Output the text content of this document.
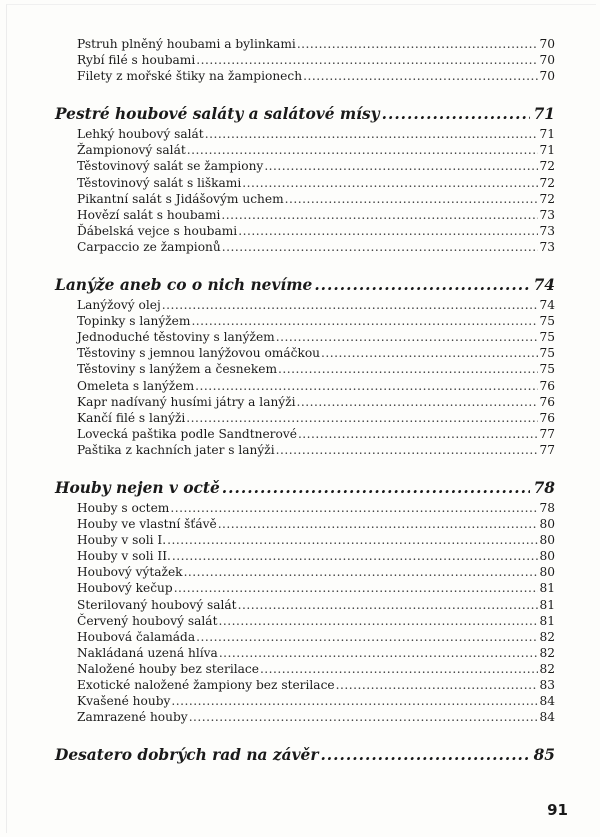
Pstruh plněný houbami a bylinkami .....	70
Rybí filé s houbami .....	70
Filety z mořské štiky na žampionech .....	70
Pestré houbové saláty a salátové mísy .....	71
Lehký houbový salát .....	71
Žampionový salát .....	71
Těstovinový salát se žampiony .....	72
Těstovinový salát s liškami .....	72
Pikantní salát s Jidášovým uchem .....	72
Hovězí salát s houbami .....	73
Ďábelská vejce s houbami .....	73
Carpaccio ze žampionů .....	73
Lanýže aneb co o nich nevíme .....	74
Lanýžový olej .....	74
Topinky s lanýžem .....	75
Jednoduché těstoviny s lanýžem .....	75
Těstoviny s jemnou lanýžovou omáčkou .....	75
Těstoviny s lanýžem a česnekem .....	75
Omeleta s lanýžem .....	76
Kapr nadívaný husími játry a lanýži .....	76
Kančí filé s lanýži .....	76
Lovecká paštika podle Sandtnerové .....	77
Paštika z kachních jater s lanýži .....	77
Houby nejen v octě .....	78
Houby s octem .....	78
Houby ve vlastní šťávě .....	80
Houby v soli I. .....	80
Houby v soli II. .....	80
Houbový výtažek .....	80
Houbový kečup .....	81
Sterilovaný houbový salát .....	81
Červený houbový salát .....	81
Houbová čalamáda .....	82
Nakládaná uzená hlíva .....	82
Naložené houby bez sterilace .....	82
Exotické naložené žampiony bez sterilace .....	83
Kvašené houby .....	84
Zamrazené houby .....	84
Desatero dobrých rad na závěr .....	85
91
